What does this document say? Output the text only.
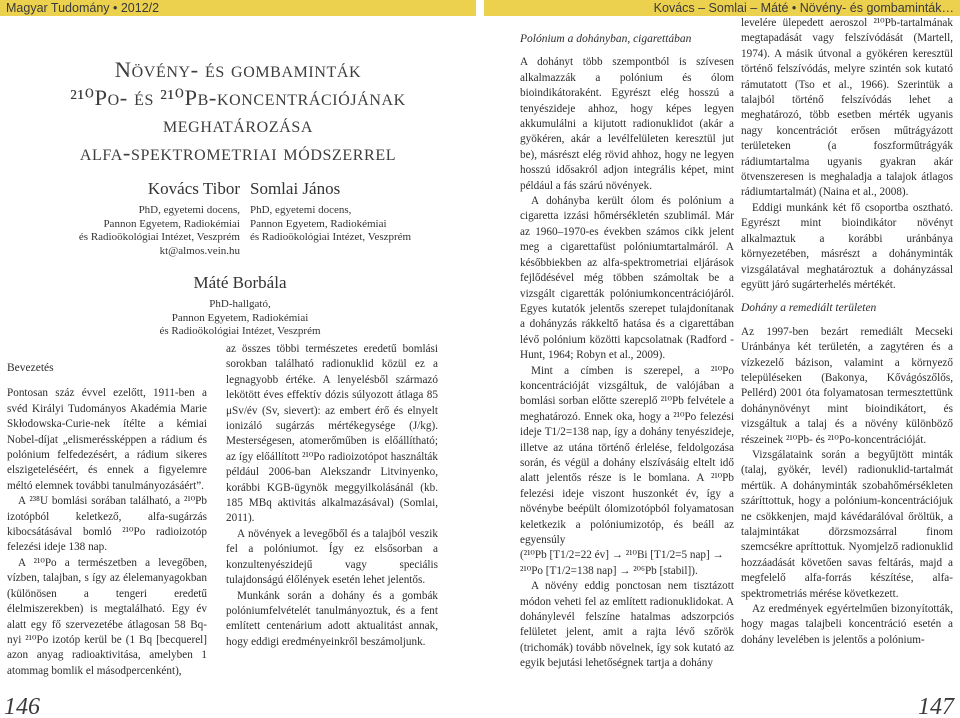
Magyar Tudomány • 2012/2	Kovács – Somlai – Máté • Növény- és gombaminták…
Növény- és gombaminták
²¹⁰Po- és ²¹⁰Pb-koncentrációjának
meghatározása
alfa-spektrometriai módszerrel
Kovács Tibor
PhD, egyetemi docens,
Pannon Egyetem, Radiokémiai
és Radioökológiai Intézet, Veszprém
kt@almos.vein.hu
Somlai János
PhD, egyetemi docens,
Pannon Egyetem, Radiokémiai
és Radioökológiai Intézet, Veszprém
Máté Borbála
PhD-hallgató,
Pannon Egyetem, Radiokémiai
és Radioökológiai Intézet, Veszprém
Bevezetés

Pontosan száz évvel ezelőtt, 1911-ben a svéd Királyi Tudományos Akadémia Marie Skłodowska-Curie-nek ítélte a kémiai Nobel-díjat „elismeréssképpen a rádium és polónium felfedezésért, a rádium sikeres elszigeteléséért, és ennek a figyelemre méltó elemnek további tanulmányozásáért”.

A ²³⁸U bomlási sorában található, a ²¹⁰Pb izotópból keletkező, alfa-sugárzás kibocsátásával bomló ²¹⁰Po radioizotóp felezési ideje 138 nap.

A ²¹⁰Po a természetben a levegőben, vízben, talajban, s így az élelemanyagokban (különösen a tengeri eredetű élelmiszerekben) is megtalálható. Egy év alatt egy fő szervezetébe átlagosan 58 Bq-nyi ²¹⁰Po izotóp kerül be (1 Bq [becquerel] azon anyag radioaktivitása, amelyben 1 atommag bomlik el másodpercenként),

az összes többi természetes eredetű bomlási sorokban található radionuklid közül ez a legnagyobb értéke. A lenyelésből származó lekötött éves effektív dózis súlyozott átlaga 85 μSv/év (Sv, sievert): az embert érő és elnyelt ionizáló sugárzás mértékegysége (J/kg). Mesterségesen, atomerőműben is előállítható; az így előállított ²¹⁰Po radioizotópot használták például 2006-ban Alekszandr Litvinyenko, korábbi KGB-ügynök meggyilkolásánál (kb. 185 MBq aktivitás alkalmazásával) (Somlai, 2011).

A növények a levegőből és a talajból veszik fel a polóniumot. Így ez elsősorban a konzultenyészidejű vagy speciális tulajdonságú élőlények esetén lehet jelentős.

Munkánk során a dohány és a gombák polóniumfelvételét tanulmányoztuk, és a fent említett centenárium adott aktualitást annak, hogy eddigi eredményeinkről beszámoljunk.

146
Polónium a dohányban, cigarettában

A dohányt több szempontból is szívesen alkalmazzák a polónium és ólom bioindikátoraként. Egyrészt elég hosszú a tenyészideje ahhoz, hogy képes legyen akkumulálni a kijutott radionuklidot (akár a gyökéren, akár a levélfelületen keresztül jut be), másrészt elég rövid ahhoz, hogy ne legyen hosszú idősakról adjon integrális képet, mint például a fás szárú növények.

A dohányba került ólom és polónium a cigaretta izzási hőmérsékletén szublimál. Már az 1960–1970-es években számos cikk jelent meg a cigarettafüst polóniumtartalmáról. A későbbiekben az alfa-spektrometriai eljárások fejlődésével még többen számoltak be a vizsgált cigaretták polóniumkoncentrációjáról. Egyes kutatók jelentős szerepet tulajdonítanak a dohányzás rákkeltő hatása és a cigarettában lévő polónium közötti kapcsolatnak (Radford - Hunt, 1964; Robyn et al., 2009).

Mint a címben is szerepel, a ²¹⁰Po koncentrációját vizsgáltuk, de valójában a bomlási sorban előtte szereplő ²¹⁰Pb felvétele a meghatározó. Ennek oka, hogy a ²¹⁰Po felezési ideje T1/2=138 nap, így a dohány tenyészideje, illetve az utána történő érlelése, feldolgozása során, és végül a dohány elszívásáig eltelt idő alatt jelentős része is le bomlana. A ²¹⁰Pb felezési ideje viszont huszonkét év, így a növénybe beépült ólomizotópból folyamatosan keletkezik a polóniumizotóp, és beáll az egyensúly

(²¹⁰Pb [T1/2=22 év] → ²¹⁰Bi [T1/2=5 nap] →

²¹⁰Po [T1/2=138 nap] → ²⁰⁶Pb [stabil]).

A növény eddig ponctosan nem tisztázott módon veheti fel az említett radionuklidokat. A dohánylevél felszíne hatalmas adszorpciós felületet jelent, amit a rajta lévő szőrök (trichomák) tovább növelnek, így sok kutató az egyik bejutási lehetőségnek tartja a dohány

levelére ülepedett aeroszol ²¹⁰Pb-tartalmának megtapadását vagy felszívódását (Martell, 1974). A másik útvonal a gyökéren keresztül történő felszívódás, melyre szintén sok kutató rámutatott (Tso et al., 1966). Szerintük a talajból történő felszívódás lehet a meghatározó, több esetben mérték ugyanis nagy koncentrációt erősen műtrágyázott területeken (a foszforműtrágyák rádiumtartalma ugyanis gyakran akár ötvenszeresen is meghaladja a talajok átlagos rádiumtartalmát) (Naina et al., 2008).

Eddigi munkánk két fő csoportba osztható. Egyrészt mint bioindikátor növényt alkalmaztuk a korábbi uránbánya környezetében, másrészt a dohányminták vizsgálatával meghatároztuk a dohányzással együtt járó sugárterhelés mértékét.

Dohány a remediált területen

Az 1997-ben bezárt remediált Mecseki Uránbánya két területén, a zagytéren és a vízkezelő bázison, valamint a környező településeken (Bakonya, Kővágószőlős, Pellérd) 2001 óta folyamatosan termesztettünk dohánynövényt mint bioindikátort, és vizsgáltuk a talaj és a növény különböző részeinek ²¹⁰Pb- és ²¹⁰Po-koncentrációját.

Vizsgálataink során a begyűjtött minták (talaj, gyökér, levél) radionuklid-tartalmát mértük. A dohányminták szobahőmérsékleten száríttottuk, hogy a polónium-koncentrációjuk ne csökkenjen, majd kávédarálóval őröltük, a talajmintákat dörzsmozsárral finom szemcsékre apríttottuk. Nyomjelző radionuklid hozzáadását követően savas feltárás, majd a megfelelő alfa-forrás készítése, alfa-spektrometriás mérése következett.

Az eredmények egyértelműen bizonyították, hogy magas talajbeli koncentráció esetén a dohány levelében is jelentős a polónium-

147
